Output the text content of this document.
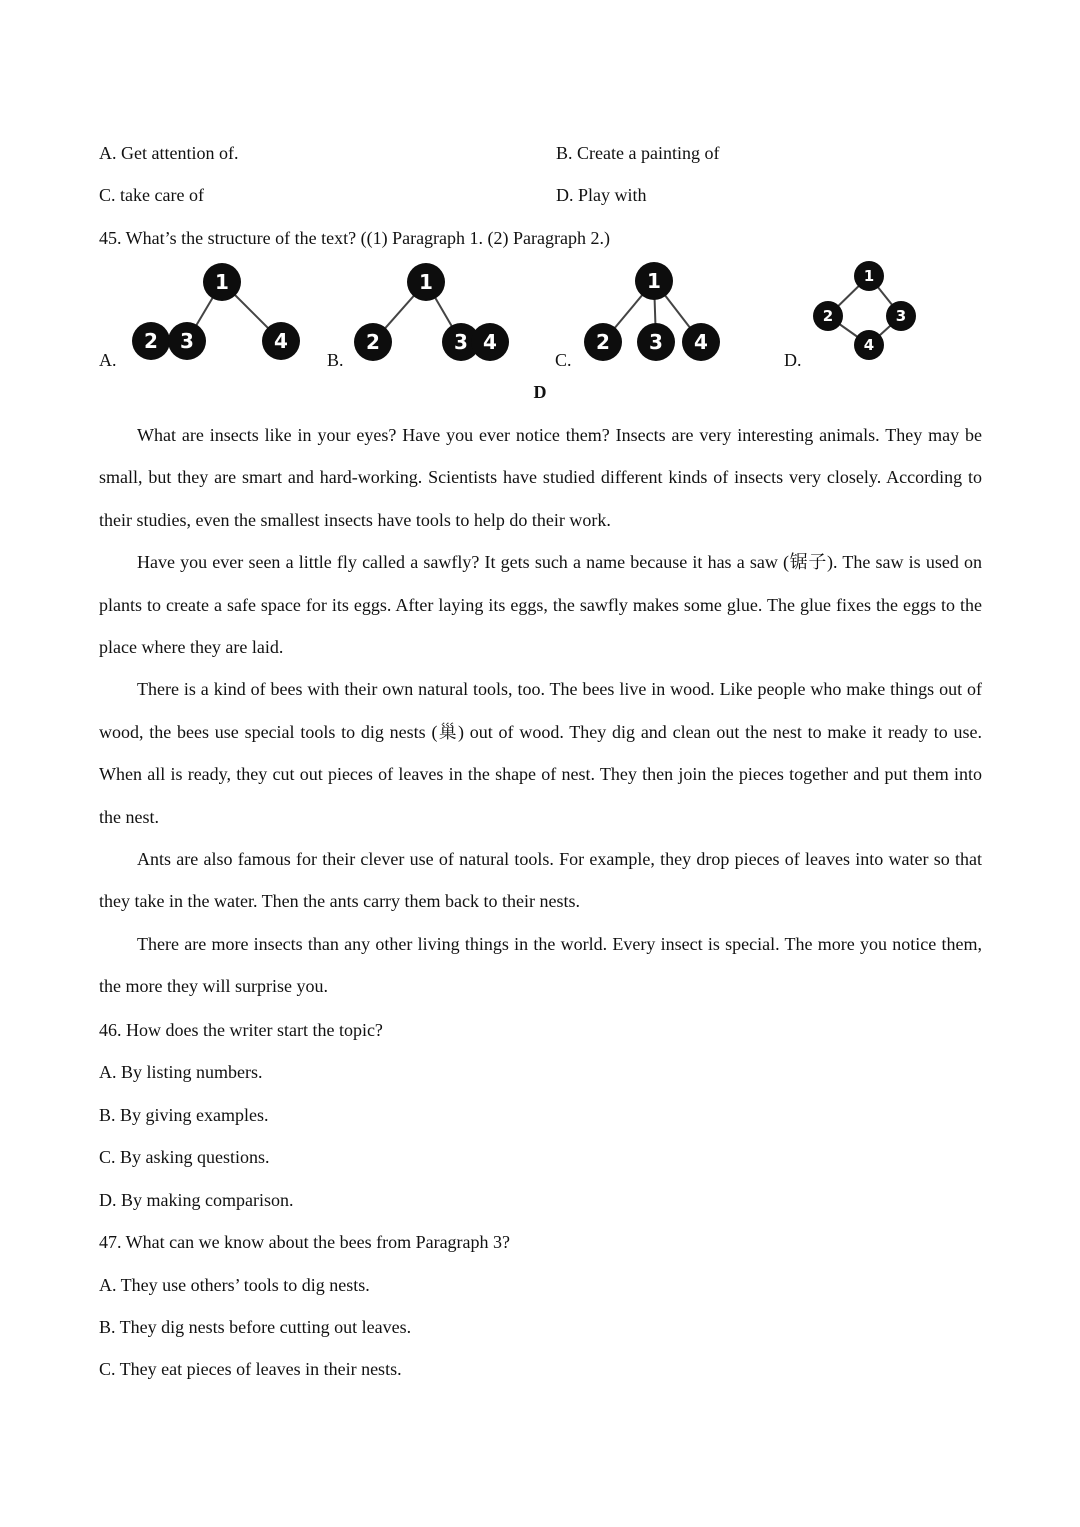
A. Get attention of.	B. Create a painting of
C. take care of	D. Play with
45. What’s the structure of the text? ((1) Paragraph 1. (2) Paragraph 2.)
A.	B.	C.	D.
1
2 3	4
1
2	3 4
1
2 3 4
1
2	3
4
D

What are insects like in your eyes? Have you ever notice them? Insects are very interesting animals. They may be small, but they are smart and hard-working. Scientists have studied different kinds of insects very closely. According to their studies, even the smallest insects have tools to help do their work.

Have you ever seen a little fly called a sawfly? It gets such a name because it has a saw (锯子). The saw is used on plants to create a safe space for its eggs. After laying its eggs, the sawfly makes some glue. The glue fixes the eggs to the place where they are laid.

There is a kind of bees with their own natural tools, too. The bees live in wood. Like people who make things out of wood, the bees use special tools to dig nests (巢) out of wood. They dig and clean out the nest to make it ready to use. When all is ready, they cut out pieces of leaves in the shape of nest. They then join the pieces together and put them into the nest.

Ants are also famous for their clever use of natural tools. For example, they drop pieces of leaves into water so that they take in the water. Then the ants carry them back to their nests.

There are more insects than any other living things in the world. Every insect is special. The more you notice them, the more they will surprise you.

46. How does the writer start the topic?
A. By listing numbers.
B. By giving examples.
C. By asking questions.
D. By making comparison.
47. What can we know about the bees from Paragraph 3?
A. They use others’ tools to dig nests.
B. They dig nests before cutting out leaves.
C. They eat pieces of leaves in their nests.
